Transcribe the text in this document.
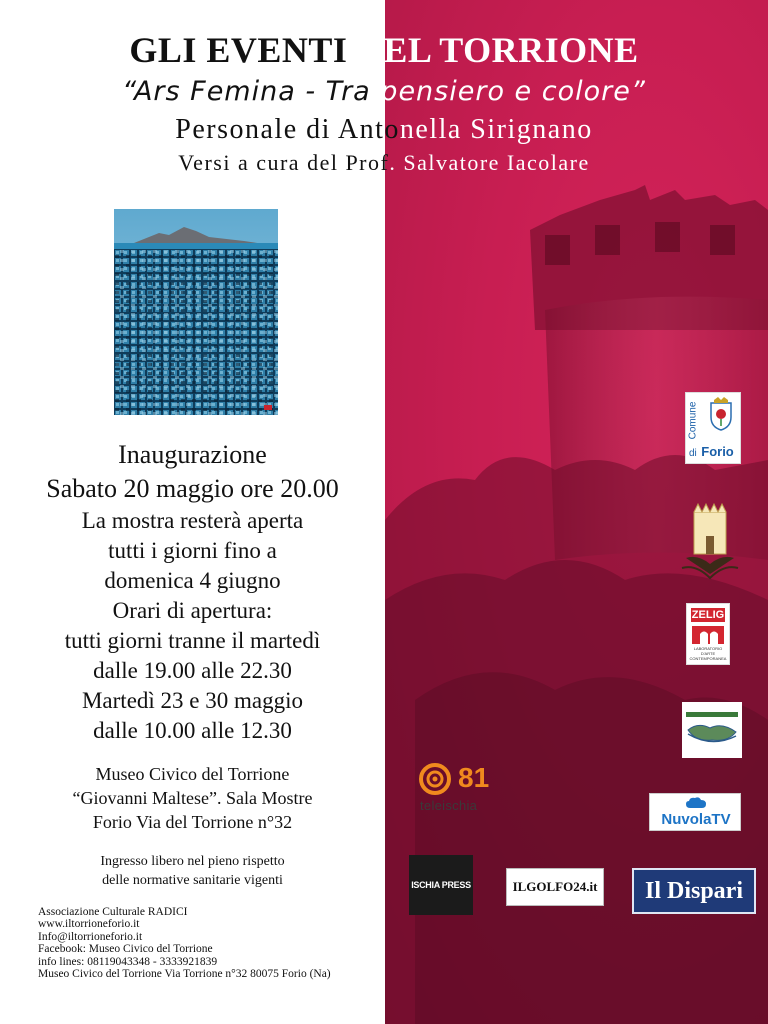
GLI EVENTI DEL TORRIONE
“Ars Femina - Tra pensiero e colore”
Personale di Antonella Sirignano
Versi a cura del Prof. Salvatore Iacolare
Inaugurazione
Sabato 20 maggio ore 20.00
La mostra resterà aperta
tutti i giorni fino a
domenica 4 giugno
Orari di apertura:
tutti giorni tranne il martedì
dalle 19.00 alle 22.30
Martedì 23 e 30 maggio
dalle 10.00 alle 12.30
Museo Civico del Torrione
“Giovanni Maltese”. Sala Mostre
Forio Via del Torrione n°32
Ingresso libero nel pieno rispetto
delle normative sanitarie vigenti
Associazione Culturale RADICI
www.iltorrioneforio.it
Info@iltorrioneforio.it
Facebook: Museo Civico del Torrione
info lines: 08119043348 - 3333921839
Museo Civico del Torrione Via Torrione n°32 80075 Forio (Na)
Comune
di Forio
ZELIG
LABORATORIO D'ARTE CONTEMPORANEA
81
teleischia
NuvolaTV
ISCHIA PRESS	ILGOLFO24.it Il Dispari
